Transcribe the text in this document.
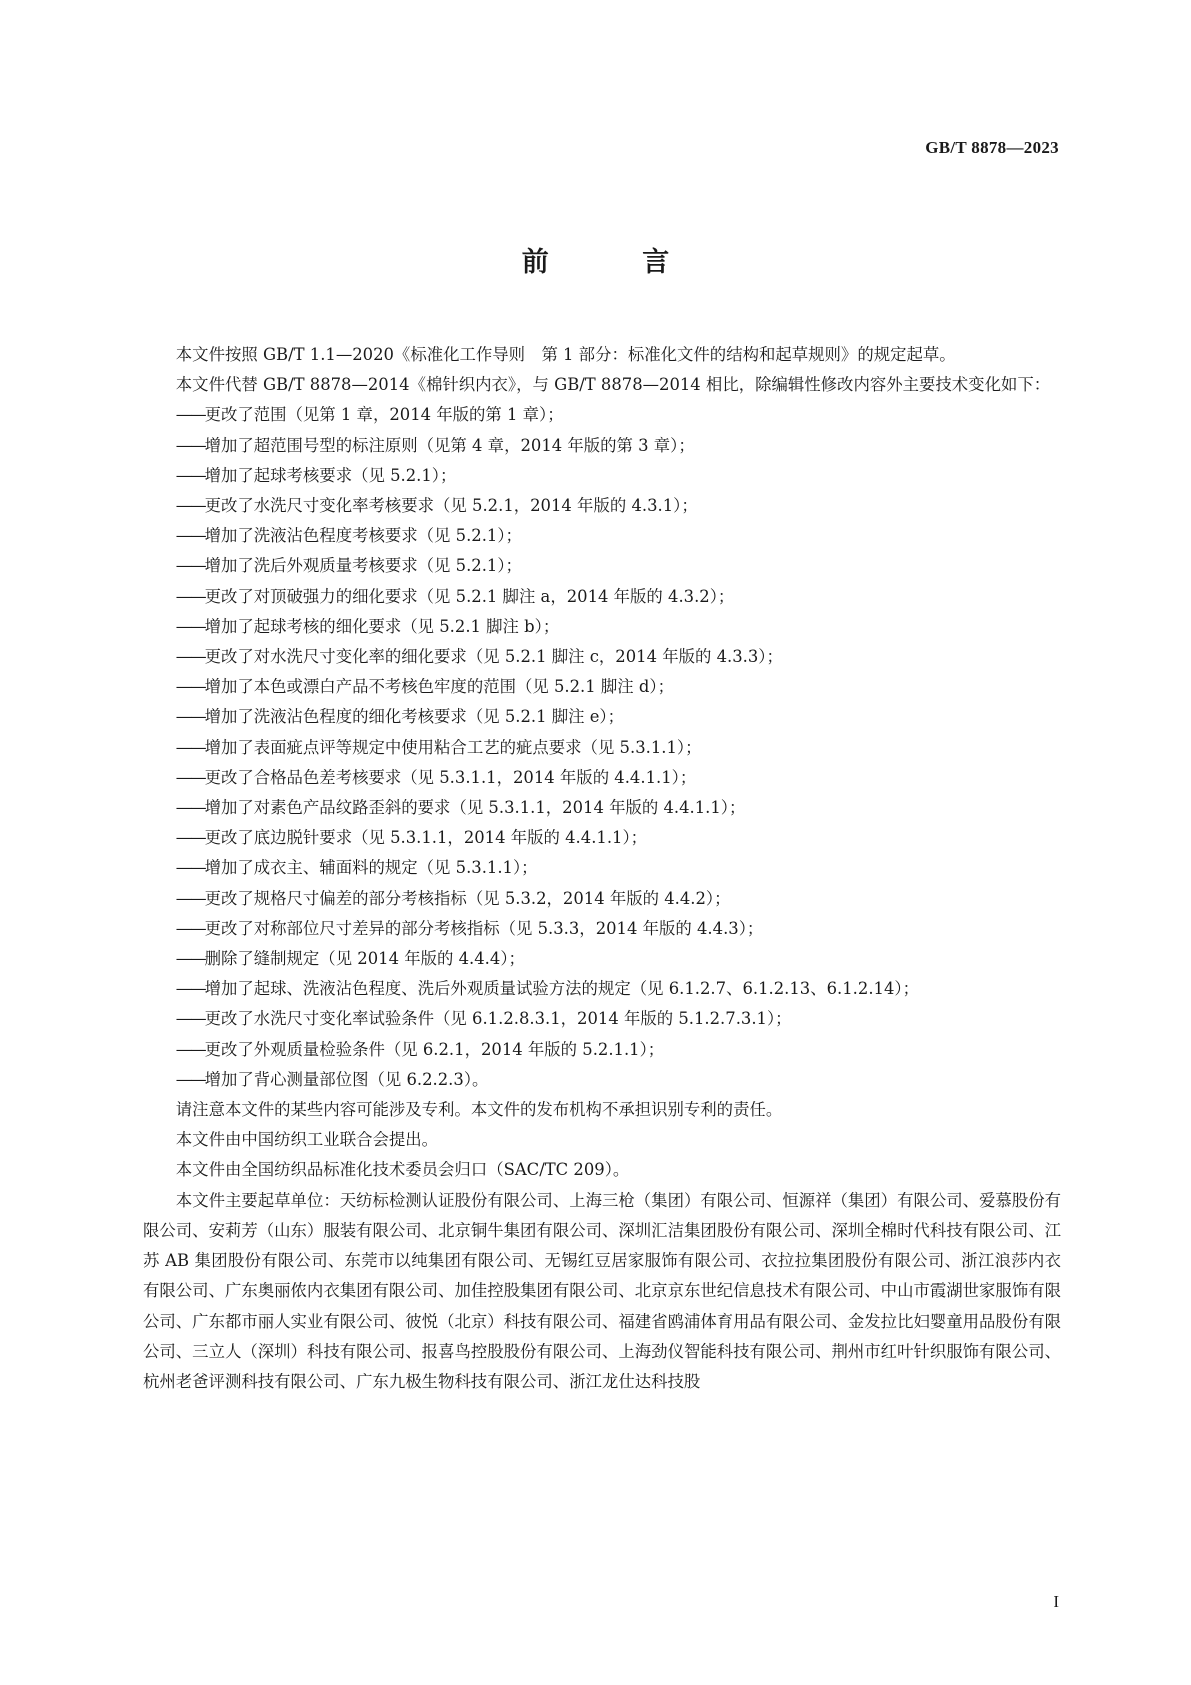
GB/T 8878—2023
前 言

本文件按照 GB/T 1.1—2020《标准化工作导则　第 1 部分：标准化文件的结构和起草规则》的规定起草。

本文件代替 GB/T 8878—2014《棉针织内衣》，与 GB/T 8878—2014 相比，除编辑性修改内容外主要技术变化如下：

——更改了范围（见第 1 章，2014 年版的第 1 章）；

——增加了超范围号型的标注原则（见第 4 章，2014 年版的第 3 章）；

——增加了起球考核要求（见 5.2.1）；

——更改了水洗尺寸变化率考核要求（见 5.2.1，2014 年版的 4.3.1）；

——增加了洗液沾色程度考核要求（见 5.2.1）；

——增加了洗后外观质量考核要求（见 5.2.1）；

——更改了对顶破强力的细化要求（见 5.2.1 脚注 a，2014 年版的 4.3.2）；

——增加了起球考核的细化要求（见 5.2.1 脚注 b）；

——更改了对水洗尺寸变化率的细化要求（见 5.2.1 脚注 c，2014 年版的 4.3.3）；

——增加了本色或漂白产品不考核色牢度的范围（见 5.2.1 脚注 d）；

——增加了洗液沾色程度的细化考核要求（见 5.2.1 脚注 e）；

——增加了表面疵点评等规定中使用粘合工艺的疵点要求（见 5.3.1.1）；

——更改了合格品色差考核要求（见 5.3.1.1，2014 年版的 4.4.1.1）；

——增加了对素色产品纹路歪斜的要求（见 5.3.1.1，2014 年版的 4.4.1.1）；

——更改了底边脱针要求（见 5.3.1.1，2014 年版的 4.4.1.1）；

——增加了成衣主、辅面料的规定（见 5.3.1.1）；

——更改了规格尺寸偏差的部分考核指标（见 5.3.2，2014 年版的 4.4.2）；

——更改了对称部位尺寸差异的部分考核指标（见 5.3.3，2014 年版的 4.4.3）；

——删除了缝制规定（见 2014 年版的 4.4.4）；

——增加了起球、洗液沾色程度、洗后外观质量试验方法的规定（见 6.1.2.7、6.1.2.13、6.1.2.14）；

——更改了水洗尺寸变化率试验条件（见 6.1.2.8.3.1，2014 年版的 5.1.2.7.3.1）；

——更改了外观质量检验条件（见 6.2.1，2014 年版的 5.2.1.1）；

——增加了背心测量部位图（见 6.2.2.3）。

请注意本文件的某些内容可能涉及专利。本文件的发布机构不承担识别专利的责任。

本文件由中国纺织工业联合会提出。

本文件由全国纺织品标准化技术委员会归口（SAC/TC 209）。

本文件主要起草单位：天纺标检测认证股份有限公司、上海三枪（集团）有限公司、恒源祥（集团）有限公司、爱慕股份有限公司、安莉芳（山东）服装有限公司、北京铜牛集团有限公司、深圳汇洁集团股份有限公司、深圳全棉时代科技有限公司、江苏 AB 集团股份有限公司、东莞市以纯集团有限公司、无锡红豆居家服饰有限公司、衣拉拉集团股份有限公司、浙江浪莎内衣有限公司、广东奥丽侬内衣集团有限公司、加佳控股集团有限公司、北京京东世纪信息技术有限公司、中山市霞湖世家服饰有限公司、广东都市丽人实业有限公司、彼悦（北京）科技有限公司、福建省鸥浦体育用品有限公司、金发拉比妇婴童用品股份有限公司、三立人（深圳）科技有限公司、报喜鸟控股股份有限公司、上海劲仪智能科技有限公司、荆州市红叶针织服饰有限公司、杭州老爸评测科技有限公司、广东九极生物科技有限公司、浙江龙仕达科技股

I
